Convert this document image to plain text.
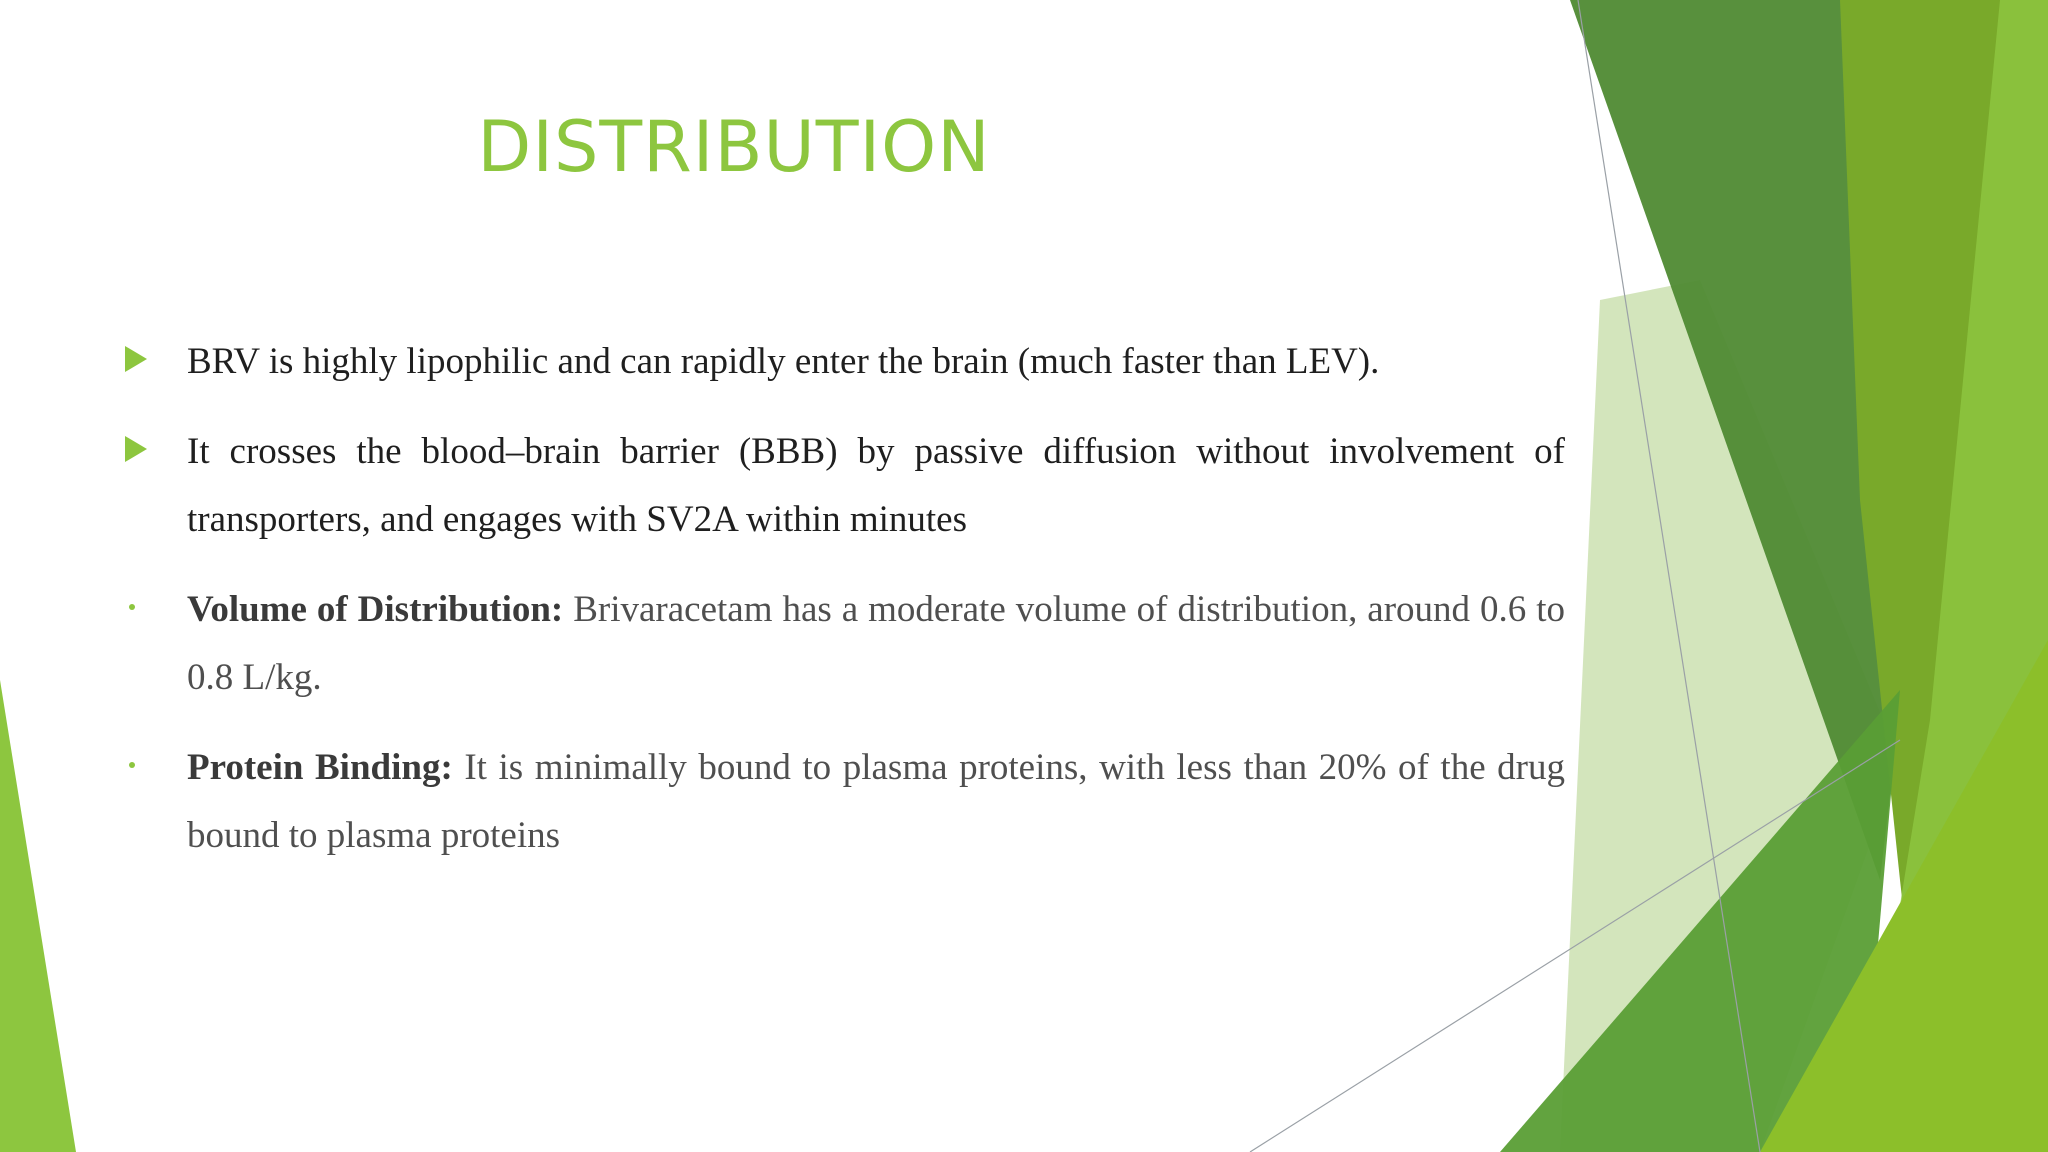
DISTRIBUTION
BRV is highly lipophilic and can rapidly enter the brain (much faster than LEV).
It crosses the blood–brain barrier (BBB) by passive diffusion without involvement of transporters, and engages with SV2A within minutes
Volume of Distribution: Brivaracetam has a moderate volume of distribution, around 0.6 to 0.8 L/kg.
Protein Binding: It is minimally bound to plasma proteins, with less than 20% of the drug bound to plasma proteins
